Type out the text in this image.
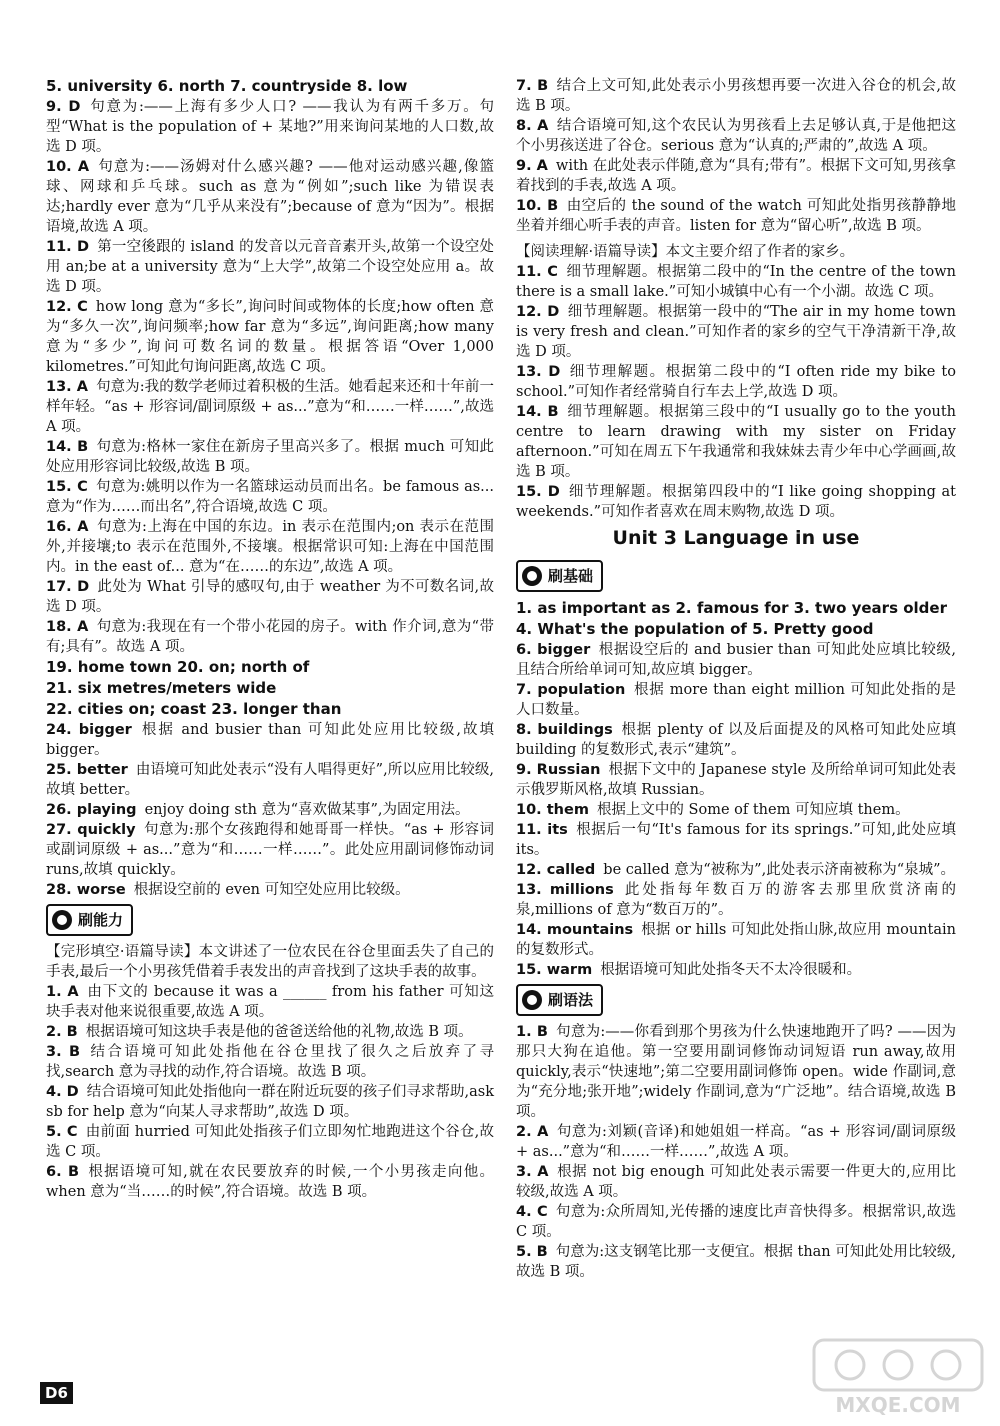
5. university 6. north 7. countryside 8. low

9. D 句意为:——上海有多少人口? ——我认为有两千多万。句型“What is the population of + 某地?”用来询问某地的人口数,故选 D 项。

10. A 句意为:——汤姆对什么感兴趣? ——他对运动感兴趣,像篮球、网球和乒乓球。such as 意为“例如”;such like 为错误表达;hardly ever 意为“几乎从来没有”;because of 意为“因为”。根据语境,故选 A 项。

11. D 第一空後跟的 island 的发音以元音音素开头,故第一个设空处用 an;be at a university 意为“上大学”,故第二个设空处应用 a。故选 D 项。

12. C how long 意为“多长”,询问时间或物体的长度;how often 意为“多久一次”,询问频率;how far 意为“多远”,询问距离;how many 意为“多少”,询问可数名词的数量。根据答语“Over 1,000 kilometres.”可知此句询问距离,故选 C 项。

13. A 句意为:我的数学老师过着积极的生活。她看起来还和十年前一样年轻。“as + 形容词/副词原级 + as...”意为“和……一样……”,故选 A 项。

14. B 句意为:格林一家住在新房子里高兴多了。根据 much 可知此处应用形容词比较级,故选 B 项。

15. C 句意为:姚明以作为一名篮球运动员而出名。be famous as... 意为“作为……而出名”,符合语境,故选 C 项。

16. A 句意为:上海在中国的东边。in 表示在范围内;on 表示在范围外,并接壤;to 表示在范围外,不接壤。根据常识可知:上海在中国范围内。in the east of... 意为“在……的东边”,故选 A 项。

17. D 此处为 What 引导的感叹句,由于 weather 为不可数名词,故选 D 项。

18. A 句意为:我现在有一个带小花园的房子。with 作介词,意为“带有;具有”。故选 A 项。

19. home town 20. on; north of

21. six metres/meters wide

22. cities on; coast 23. longer than

24. bigger 根据 and busier than 可知此处应用比较级,故填 bigger。

25. better 由语境可知此处表示“没有人唱得更好”,所以应用比较级,故填 better。

26. playing enjoy doing sth 意为“喜欢做某事”,为固定用法。

27. quickly 句意为:那个女孩跑得和她哥哥一样快。“as + 形容词或副词原级 + as...”意为“和……一样……”。此处应用副词修饰动词 runs,故填 quickly。

28. worse 根据设空前的 even 可知空处应用比较级。

刷能力

【完形填空·语篇导读】本文讲述了一位农民在谷仓里面丢失了自己的手表,最后一个小男孩凭借着手表发出的声音找到了这块手表的故事。

1. A 由下文的 because it was a ______ from his father 可知这块手表对他来说很重要,故选 A 项。

2. B 根据语境可知这块手表是他的爸爸送给他的礼物,故选 B 项。

3. B 结合语境可知此处指他在谷仓里找了很久之后放弃了寻找,search 意为寻找的动作,符合语境。故选 B 项。

4. D 结合语境可知此处指他向一群在附近玩耍的孩子们寻求帮助,ask sb for help 意为“向某人寻求帮助”,故选 D 项。

5. C 由前面 hurried 可知此处指孩子们立即匆忙地跑进这个谷仓,故选 C 项。

6. B 根据语境可知,就在农民要放弃的时候,一个小男孩走向他。when 意为“当……的时候”,符合语境。故选 B 项。

7. B 结合上文可知,此处表示小男孩想再要一次进入谷仓的机会,故选 B 项。

8. A 结合语境可知,这个农民认为男孩看上去足够认真,于是他把这个小男孩送进了谷仓。serious 意为“认真的;严肃的”,故选 A 项。

9. A with 在此处表示伴随,意为“具有;带有”。根据下文可知,男孩拿着找到的手表,故选 A 项。

10. B 由空后的 the sound of the watch 可知此处指男孩静静地坐着并细心听手表的声音。listen for 意为“留心听”,故选 B 项。

【阅读理解·语篇导读】本文主要介绍了作者的家乡。

11. C 细节理解题。根据第二段中的“In the centre of the town there is a small lake.”可知小城镇中心有一个小湖。故选 C 项。

12. D 细节理解题。根据第一段中的“The air in my home town is very fresh and clean.”可知作者的家乡的空气干净清新干净,故选 D 项。

13. D 细节理解题。根据第二段中的“I often ride my bike to school.”可知作者经常骑自行车去上学,故选 D 项。

14. B 细节理解题。根据第三段中的“I usually go to the youth centre to learn drawing with my sister on Friday afternoon.”可知在周五下午我通常和我妹妹去青少年中心学画画,故选 B 项。

15. D 细节理解题。根据第四段中的“I like going shopping at weekends.”可知作者喜欢在周末购物,故选 D 项。

Unit 3 Language in use
刷基础

1. as important as 2. famous for 3. two years older

4. What's the population of 5. Pretty good

6. bigger 根据设空后的 and busier than 可知此处应填比较级,且结合所给单词可知,故应填 bigger。

7. population 根据 more than eight million 可知此处指的是人口数量。

8. buildings 根据 plenty of 以及后面提及的风格可知此处应填 building 的复数形式,表示“建筑”。

9. Russian 根据下文中的 Japanese style 及所给单词可知此处表示俄罗斯风格,故填 Russian。

10. them 根据上文中的 Some of them 可知应填 them。

11. its 根据后一句“It's famous for its springs.”可知,此处应填 its。

12. called be called 意为“被称为”,此处表示济南被称为“泉城”。

13. millions 此处指每年数百万的游客去那里欣赏济南的泉,millions of 意为“数百万的”。

14. mountains 根据 or hills 可知此处指山脉,故应用 mountain 的复数形式。

15. warm 根据语境可知此处指冬天不太冷很暖和。

刷语法

1. B 句意为:——你看到那个男孩为什么快速地跑开了吗? ——因为那只大狗在追他。第一空要用副词修饰动词短语 run away,故用 quickly,表示“快速地”;第二空要用副词修饰 open。wide 作副词,意为“充分地;张开地”;widely 作副词,意为“广泛地”。结合语境,故选 B 项。

2. A 句意为:刘颖(音译)和她姐姐一样高。“as + 形容词/副词原级 + as...”意为“和……一样……”,故选 A 项。

3. A 根据 not big enough 可知此处表示需要一件更大的,应用比较级,故选 A 项。

4. C 句意为:众所周知,光传播的速度比声音快得多。根据常识,故选 C 项。

5. B 句意为:这支钢笔比那一支便宜。根据 than 可知此处用比较级,故选 B 项。

D6	MXQE.COM
